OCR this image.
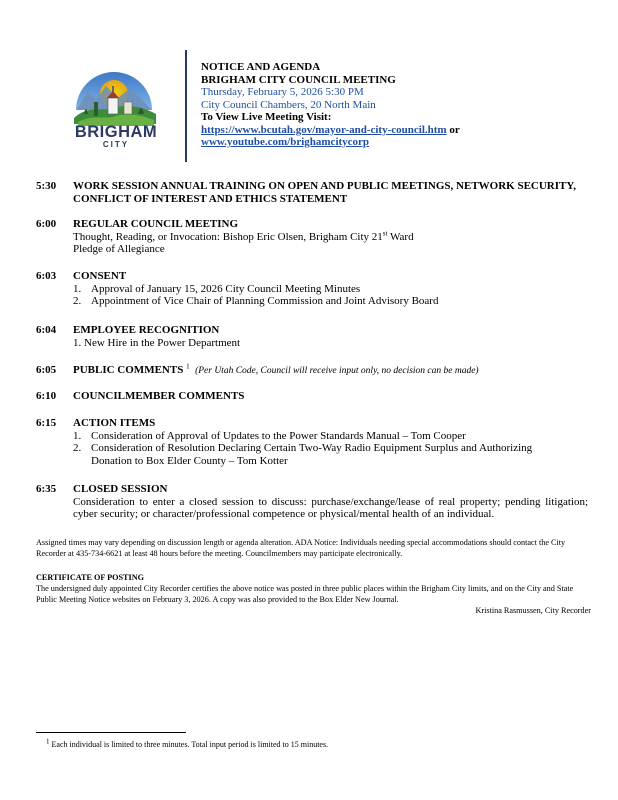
BRIGHAM
CITY
NOTICE AND AGENDA
BRIGHAM CITY COUNCIL MEETING
Thursday, February 5, 2026 5:30 PM
City Council Chambers, 20 North Main
To View Live Meeting Visit:
https://www.bcutah.gov/mayor-and-city-council.htm or
www.youtube.com/brighamcitycorp
5:30 WORK SESSION ANNUAL TRAINING ON OPEN AND PUBLIC MEETINGS, NETWORK SECURITY, CONFLICT OF INTEREST AND ETHICS STATEMENT
6:00 REGULAR COUNCIL MEETING
Thought, Reading, or Invocation: Bishop Eric Olsen, Brigham City 21st Ward
Pledge of Allegiance
6:03 CONSENT
1. Approval of January 15, 2026 City Council Meeting Minutes
2. Appointment of Vice Chair of Planning Commission and Joint Advisory Board
6:04 EMPLOYEE RECOGNITION
1. New Hire in the Power Department
6:05 PUBLIC COMMENTS $^1$ (Per Utah Code, Council will receive input only, no decision can be made)
6:10 COUNCILMEMBER COMMENTS
6:15 ACTION ITEMS
1. Consideration of Approval of Updates to the Power Standards Manual – Tom Cooper
2. Consideration of Resolution Declaring Certain Two-Way Radio Equipment Surplus and Authorizing
Donation to Box Elder County – Tom Kotter
6:35 CLOSED SESSION
Consideration to enter a closed session to discuss: purchase/exchange/lease of real property; pending litigation; cyber security; or character/professional competence or physical/mental health of an individual.
Assigned times may vary depending on discussion length or agenda alteration. ADA Notice: Individuals needing special accommodations should contact the City Recorder at 435-734-6621 at least 48 hours before the meeting. Councilmembers may participate electronically.
CERTIFICATE OF POSTING
The undersigned duly appointed City Recorder certifies the above notice was posted in three public places within the Brigham City limits, and on the City and State Public Meeting Notice websites on February 3, 2026. A copy was also provided to the Box Elder New Journal.
Kristina Rasmussen, City Recorder
1 Each individual is limited to three minutes. Total input period is limited to 15 minutes.
